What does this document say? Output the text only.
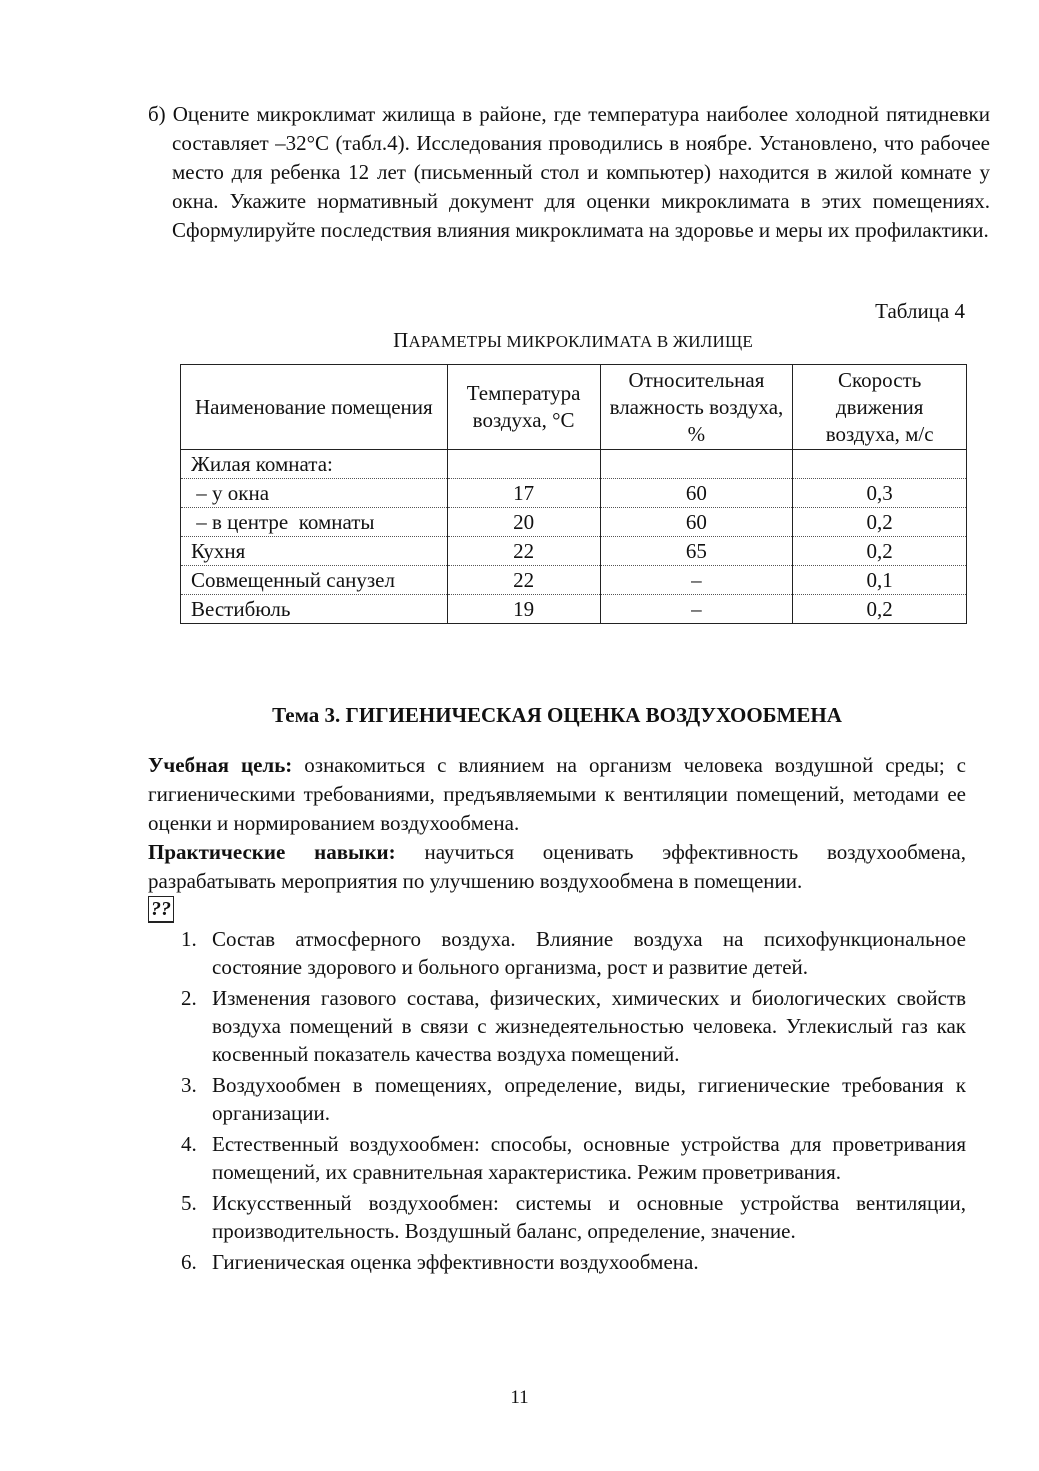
б) Оцените микроклимат жилища в районе, где температура наиболее холодной пятидневки составляет –32°С (табл.4). Исследования проводились в ноябре. Установлено, что рабочее место для ребенка 12 лет (письменный стол и компьютер) находится в жилой комнате у окна. Укажите нормативный документ для оценки микроклимата в этих помещениях. Сформулируйте последствия влияния микроклимата на здоровье и меры их профилактики.

Таблица 4

ПАРАМЕТРЫ МИКРОКЛИМАТА В ЖИЛИЩЕ

Наименование помещения	Температура воздуха, °С	Относительная влажность воздуха, %	Скорость движения воздуха, м/с
Жилая комната:			
– у окна	17	60	0,3
– в центре  комнаты	20	60	0,2
Кухня	22	65	0,2
Совмещенный санузел	22	–	0,1
Вестибюль	19	–	0,2

Тема 3. ГИГИЕНИЧЕСКАЯ ОЦЕНКА ВОЗДУХООБМЕНА

Учебная цель: ознакомиться с влиянием на организм человека воздушной среды; с гигиеническими требованиями, предъявляемыми к вентиляции помещений, методами ее оценки и нормированием воздухообмена.

Практические навыки: научиться оценивать эффективность воздухообмена, разрабатывать мероприятия по улучшению воздухообмена в помещении.

??
1. Состав атмосферного воздуха. Влияние воздуха на психофункциональное состояние здорового и больного организма, рост и развитие детей.
2. Изменения газового состава, физических, химических и биологических свойств воздуха помещений в связи с жизнедеятельностью человека. Углекислый газ как косвенный показатель качества воздуха помещений.
3. Воздухообмен в помещениях, определение, виды, гигиенические требования к организации.
4. Естественный воздухообмен: способы, основные устройства для проветривания помещений, их сравнительная характеристика. Режим проветривания.
5. Искусственный воздухообмен: системы и основные устройства вентиляции, производительность. Воздушный баланс, определение, значение.
6. Гигиеническая оценка эффективности воздухообмена.

11
